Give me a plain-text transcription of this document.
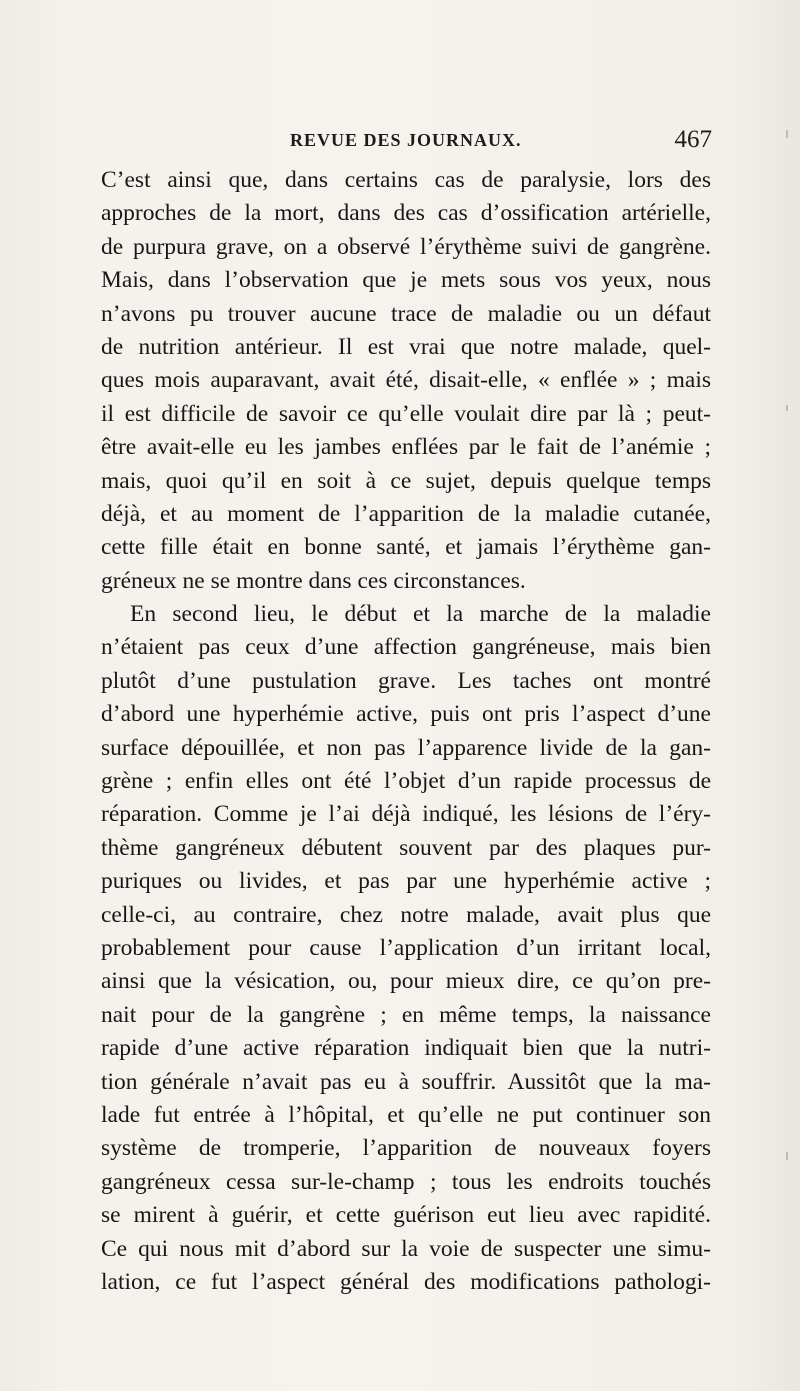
REVUE DES JOURNAUX.	467
C’est ainsi que, dans certains cas de paralysie, lors des
approches de la mort, dans des cas d’ossification artérielle,
de purpura grave, on a observé l’érythème suivi de gangrène.
Mais, dans l’observation que je mets sous vos yeux, nous
n’avons pu trouver aucune trace de maladie ou un défaut
de nutrition antérieur. Il est vrai que notre malade, quel-
ques mois auparavant, avait été, disait-elle, « enflée » ; mais
il est difficile de savoir ce qu’elle voulait dire par là ; peut-
être avait-elle eu les jambes enflées par le fait de l’anémie ;
mais, quoi qu’il en soit à ce sujet, depuis quelque temps
déjà, et au moment de l’apparition de la maladie cutanée,
cette fille était en bonne santé, et jamais l’érythème gan-
gréneux ne se montre dans ces circonstances.
En second lieu, le début et la marche de la maladie
n’étaient pas ceux d’une affection gangréneuse, mais bien
plutôt d’une pustulation grave. Les taches ont montré
d’abord une hyperhémie active, puis ont pris l’aspect d’une
surface dépouillée, et non pas l’apparence livide de la gan-
grène ; enfin elles ont été l’objet d’un rapide processus de
réparation. Comme je l’ai déjà indiqué, les lésions de l’éry-
thème gangréneux débutent souvent par des plaques pur-
puriques ou livides, et pas par une hyperhémie active ;
celle-ci, au contraire, chez notre malade, avait plus que
probablement pour cause l’application d’un irritant local,
ainsi que la vésication, ou, pour mieux dire, ce qu’on pre-
nait pour de la gangrène ; en même temps, la naissance
rapide d’une active réparation indiquait bien que la nutri-
tion générale n’avait pas eu à souffrir. Aussitôt que la ma-
lade fut entrée à l’hôpital, et qu’elle ne put continuer son
système de tromperie, l’apparition de nouveaux foyers
gangréneux cessa sur-le-champ ; tous les endroits touchés
se mirent à guérir, et cette guérison eut lieu avec rapidité.
Ce qui nous mit d’abord sur la voie de suspecter une simu-
lation, ce fut l’aspect général des modifications pathologi-
